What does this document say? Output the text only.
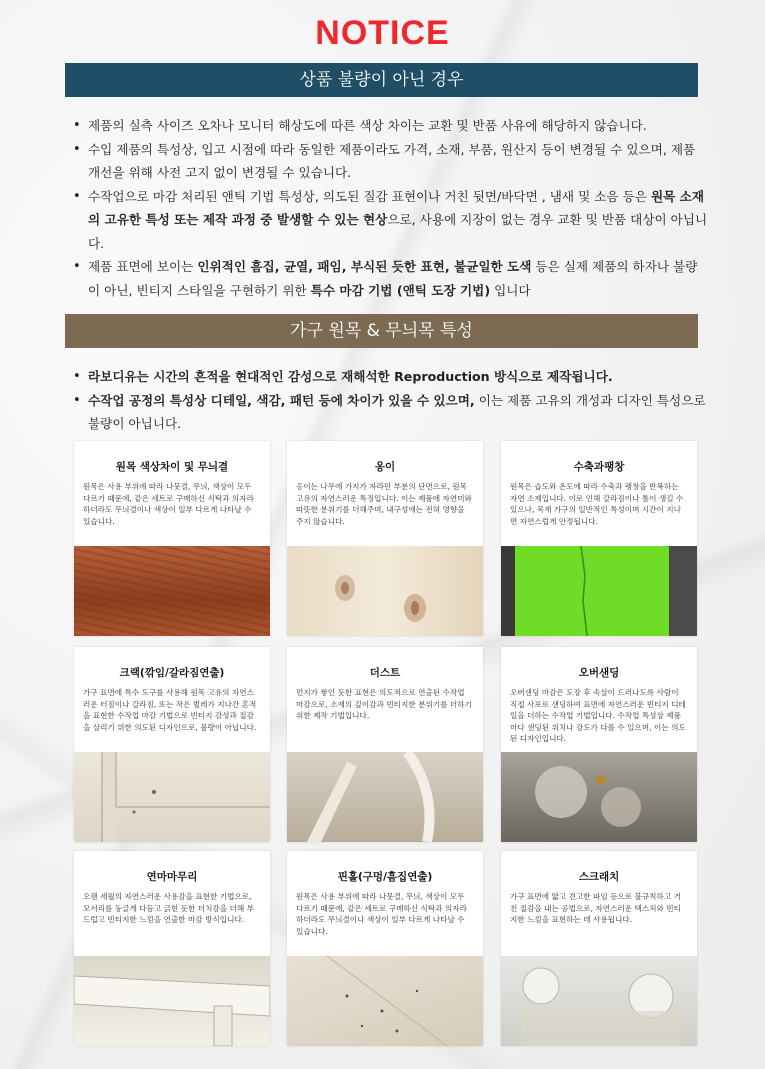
NOTICE
상품 불량이 아닌 경우
• 제품의 실측 사이즈 오차나 모니터 해상도에 따른 색상 차이는 교환 및 반품 사유에 해당하지 않습니다.
• 수입 제품의 특성상, 입고 시점에 따라 동일한 제품이라도 가격, 소재, 부품, 원산지 등이 변경될 수 있으며, 제품 개선을 위해 사전 고지 없이 변경될 수 있습니다.
• 수작업으로 마감 처리된 앤틱 기법 특성상, 의도된 질감 표현이나 거친 뒷면/바닥면 , 냄새 및 소음 등은 원목 소재의 고유한 특성 또는 제작 과정 중 발생할 수 있는 현상으로, 사용에 지장이 없는 경우 교환 및 반품 대상이 아닙니다.
• 제품 표면에 보이는 인위적인 흠집, 균열, 패임, 부식된 듯한 표현, 불균일한 도색 등은 실제 제품의 하자나 불량이 아닌, 빈티지 스타일을 구현하기 위한 특수 마감 기법 (앤틱 도장 기법) 입니다
가구 원목 & 무늬목 특성
• 라보디유는 시간의 흔적을 현대적인 감성으로 재해석한 Reproduction 방식으로 제작됩니다.
• 수작업 공정의 특성상 디테일, 색감, 패턴 등에 차이가 있을 수 있으며, 이는 제품 고유의 개성과 디자인 특성으로 불량이 아닙니다.
원목 색상차이 및 무늬결
원목은 사용 부위에 따라 나뭇결, 무늬, 색상이 모두 다르기 때문에, 같은 세트로 구매하신 식탁과 의자라 하더라도 무늬결이나 색상이 일부 다르게 나타날 수 있습니다.
옹이
옹이는 나무에 가지가 자라던 부분의 단면으로, 원목 고유의 자연스러운 특징입니다. 이는 제품에 자연미와 따뜻한 분위기를 더해주며, 내구성에는 전혀 영향을 주지 않습니다.
수축과팽창
원목은 습도와 온도에 따라 수축과 팽창을 반복하는 자연 소재입니다. 이로 인해 갈라짐이나 틈이 생길 수 있으나, 목재 가구의 일반적인 특성이며 시간이 지나면 자연스럽게 안정됩니다.
크랙(깎임/갈라짐연출)
가구 표면에 특수 도구를 사용해 원목 고유의 자연스러운 터짐이나 갈라짐, 또는 작은 벌레가 지나간 흔적을 표현한 수작업 마감 기법으로 빈티지 감성과 질감을 살리기 위한 의도된 디자인으로, 불량이 아닙니다.
더스트
먼지가 쌓인 듯한 표현은 의도적으로 연출된 수작업 마감으로, 소재의 깊이감과 빈티지한 분위기를 더하기 위한 제작 기법입니다.
오버샌딩
오버샌딩 마감은 도장 후 속살이 드러나도록 사람이 직접 사포로 샌딩하여 표면에 자연스러운 빈티지 디테일을 더하는 수작업 기법입니다. 수작업 특성상 제품마다 샌딩된 위치나 강도가 다를 수 있으며, 이는 의도된 디자인입니다.
연마마무리
오랜 세월의 자연스러운 사용감을 표현한 기법으로, 모서리를 둥글게 다듬고 긁힌 듯한 터치감을 더해 부드럽고 빈티지한 느낌을 연출한 마감 방식입니다.
핀홀(구멍/흠집연출)
원목은 사용 부위에 따라 나뭇결, 무늬, 색상이 모두 다르기 때문에, 같은 세트로 구매하신 식탁과 의자라 하더라도 무늬결이나 색상이 일부 다르게 나타날 수 있습니다.
스크래치
가구 표면에 얇고 견고한 파임 등으로 불규칙하고 거친 질감을 내는 공법으로, 자연스러운 텍스처와 빈티지한 느낌을 표현하는 데 사용됩니다.
